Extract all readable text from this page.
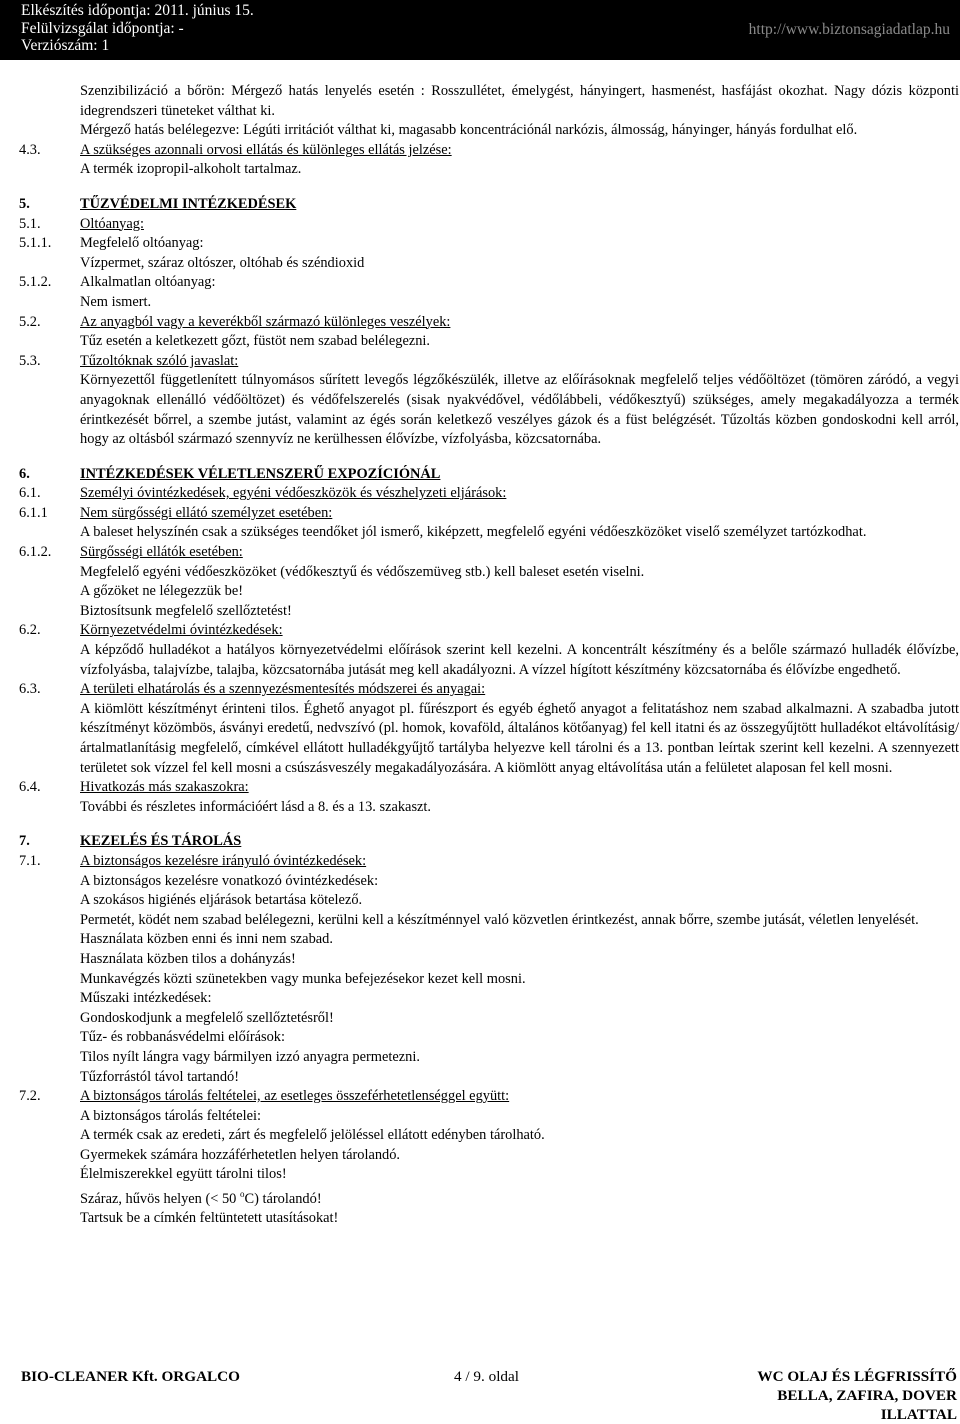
Elkészítés időpontja: 2011. június 15.
Felülvizsgálat időpontja: -
Verziószám: 1
http://www.biztonsagiadatlap.hu
Szenzibilizáció a bőrön: Mérgező hatás lenyelés esetén : Rosszullétet, émelygést, hányingert, hasmenést, hasfájást okozhat. Nagy dózis központi idegrendszeri tüneteket válthat ki.
Mérgező hatás belélegezve: Légúti irritációt válthat ki, magasabb koncentrációnál narkózis, álmosság, hányinger, hányás fordulhat elő.
4.3.	A szükséges azonnali orvosi ellátás és különleges ellátás jelzése:
A termék izopropil-alkoholt tartalmaz.
5.	TŰZVÉDELMI INTÉZKEDÉSEK
5.1.	Oltóanyag:
5.1.1.	Megfelelő oltóanyag:
Vízpermet, száraz oltószer, oltóhab és széndioxid
5.1.2.	Alkalmatlan oltóanyag:
Nem ismert.
5.2.	Az anyagból vagy a keverékből származó különleges veszélyek:
Tűz esetén a keletkezett gőzt, füstöt nem szabad belélegezni.
5.3.	Tűzoltóknak szóló javaslat:
Környezettől függetlenített túlnyomásos sűrített levegős légzőkészülék, illetve az előírásoknak megfelelő teljes védőöltözet (tömören záródó, a vegyi anyagoknak ellenálló védőöltözet) és védőfelszerelés (sisak nyakvédővel, védőlábbeli, védőkesztyű) szükséges, amely megakadályozza a termék érintkezését bőrrel, a szembe jutást, valamint az égés során keletkező veszélyes gázok és a füst belégzését. Tűzoltás közben gondoskodni kell arról, hogy az oltásból származó szennyvíz ne kerülhessen élővízbe, vízfolyásba, közcsatornába.
6.	INTÉZKEDÉSEK VÉLETLENSZERŰ EXPOZÍCIÓNÁL
6.1.	Személyi óvintézkedések, egyéni védőeszközök és vészhelyzeti eljárások:
6.1.1	Nem sürgősségi ellátó személyzet esetében:
A baleset helyszínén csak a szükséges teendőket jól ismerő, kiképzett, megfelelő egyéni védőeszközöket viselő személyzet tartózkodhat.
6.1.2.	Sürgősségi ellátók esetében:
Megfelelő egyéni védőeszközöket (védőkesztyű és védőszemüveg stb.) kell baleset esetén viselni.
A gőzöket ne lélegezzük be!
Biztosítsunk megfelelő szellőztetést!
6.2.	Környezetvédelmi óvintézkedések:
A képződő hulladékot a hatályos környezetvédelmi előírások szerint kell kezelni. A koncentrált készítmény és a belőle származó hulladék élővízbe, vízfolyásba, talajvízbe, talajba, közcsatornába jutását meg kell akadályozni. A vízzel hígított készítmény közcsatornába és élővízbe engedhető.
6.3.	A területi elhatárolás és a szennyezésmentesítés módszerei és anyagai:
A kiömlött készítményt érinteni tilos. Éghető anyagot pl. fűrészport és egyéb éghető anyagot a felitatáshoz nem szabad alkalmazni. A szabadba jutott készítményt közömbös, ásványi eredetű, nedvszívó (pl. homok, kovaföld, általános kötőanyag) fel kell itatni és az összegyűjtött hulladékot eltávolításig/ártalmatlanításig megfelelő, címkével ellátott hulladékgyűjtő tartályba helyezve kell tárolni és a 13. pontban leírtak szerint kell kezelni. A szennyezett területet sok vízzel fel kell mosni a csúszásveszély megakadályozására. A kiömlött anyag eltávolítása után a felületet alaposan fel kell mosni.
6.4.	Hivatkozás más szakaszokra:
További és részletes információért lásd a 8. és a 13. szakaszt.
7.	KEZELÉS ÉS TÁROLÁS
7.1.	A biztonságos kezelésre irányuló óvintézkedések:
A biztonságos kezelésre vonatkozó óvintézkedések:
A szokásos higiénés eljárások betartása kötelező.
Permetét, ködét nem szabad belélegezni, kerülni kell a készítménnyel való közvetlen érintkezést, annak bőrre, szembe jutását, véletlen lenyelését.
Használata közben enni és inni nem szabad.
Használata közben tilos a dohányzás!
Munkavégzés közti szünetekben vagy munka befejezésekor kezet kell mosni.
Műszaki intézkedések:
Gondoskodjunk a megfelelő szellőztetésről!
Tűz- és robbanásvédelmi előírások:
Tilos nyílt lángra vagy bármilyen izzó anyagra permetezni.
Tűzforrástól távol tartandó!
7.2.	A biztonságos tárolás feltételei, az esetleges összeférhetetlenséggel együtt:
A biztonságos tárolás feltételei:
A termék csak az eredeti, zárt és megfelelő jelöléssel ellátott edényben tárolható.
Gyermekek számára hozzáférhetetlen helyen tárolandó.
Élelmiszerekkel együtt tárolni tilos!
Száraz, hűvös helyen (< 50 $^o$C) tárolandó!
Tartsuk be a címkén feltüntetett utasításokat!
BIO-CLEANER Kft. ORGALCO	4 / 9. oldal	WC OLAJ ÉS LÉGFRISSÍTŐ
BELLA, ZAFIRA, DOVER
ILLATTAL
